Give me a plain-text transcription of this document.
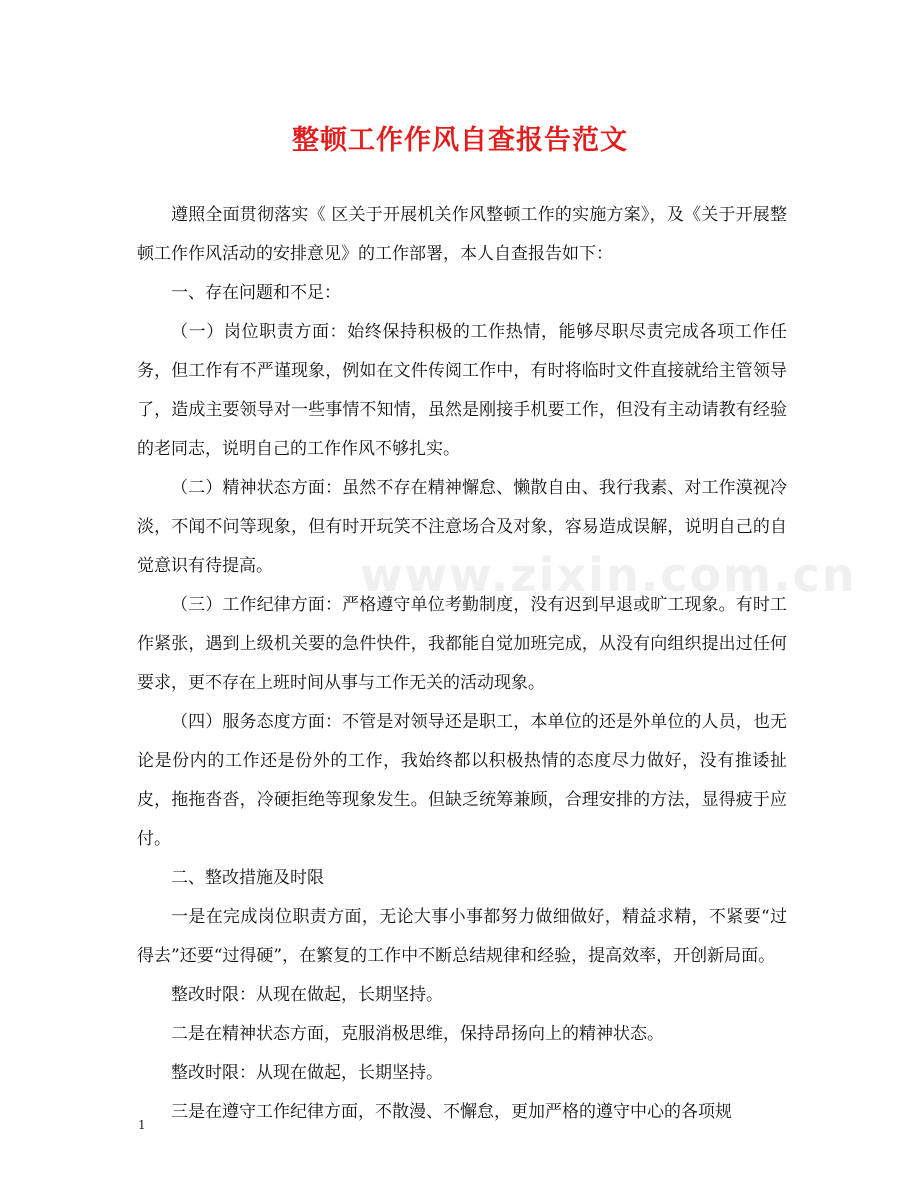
整顿工作作风自查报告范文
www.zixin.com.cn

遵照全面贯彻落实《 区关于开展机关作风整顿工作的实施方案》，及《关于开展整顿工作作风活动的安排意见》的工作部署，本人自查报告如下：

一、存在问题和不足：

（一）岗位职责方面：始终保持积极的工作热情，能够尽职尽责完成各项工作任务，但工作有不严谨现象，例如在文件传阅工作中，有时将临时文件直接就给主管领导了，造成主要领导对一些事情不知情，虽然是刚接手机要工作，但没有主动请教有经验的老同志，说明自己的工作作风不够扎实。

（二）精神状态方面：虽然不存在精神懈怠、懒散自由、我行我素、对工作漠视冷淡，不闻不问等现象，但有时开玩笑不注意场合及对象，容易造成误解，说明自己的自觉意识有待提高。

（三）工作纪律方面：严格遵守单位考勤制度，没有迟到早退或旷工现象。有时工作紧张，遇到上级机关要的急件快件，我都能自觉加班完成，从没有向组织提出过任何要求，更不存在上班时间从事与工作无关的活动现象。

（四）服务态度方面：不管是对领导还是职工，本单位的还是外单位的人员，也无论是份内的工作还是份外的工作，我始终都以积极热情的态度尽力做好，没有推诿扯皮，拖拖沓沓，冷硬拒绝等现象发生。但缺乏统筹兼顾，合理安排的方法，显得疲于应付。

二、整改措施及时限

一是在完成岗位职责方面，无论大事小事都努力做细做好，精益求精，不紧要“过得去”还要“过得硬”，在繁复的工作中不断总结规律和经验，提高效率，开创新局面。

整改时限：从现在做起，长期坚持。

二是在精神状态方面，克服消极思维，保持昂扬向上的精神状态。

整改时限：从现在做起，长期坚持。

三是在遵守工作纪律方面，不散漫、不懈怠，更加严格的遵守中心的各项规

1
